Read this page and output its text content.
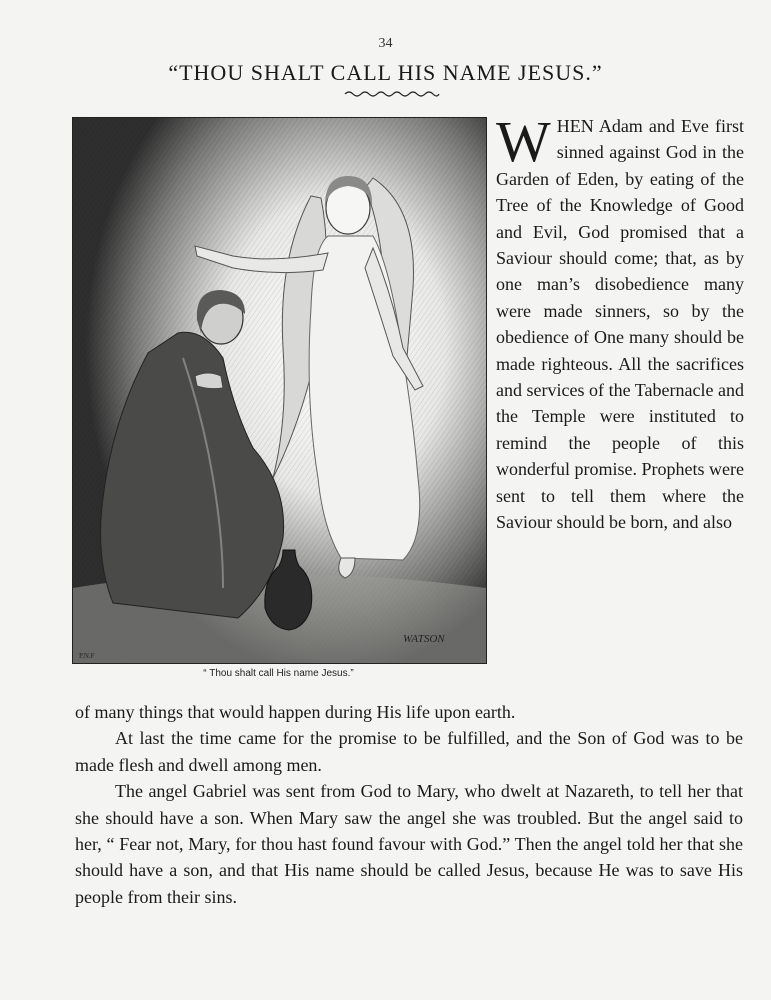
34
“THOU SHALT CALL HIS NAME JESUS.”
WATSON
P.N.F
“ Thou shalt call His name Jesus.”

WHEN Adam and Eve first sinned against God in the Garden of Eden, by eating of the Tree of the Knowledge of Good and Evil, God promised that a Saviour should come; that, as by one man’s disobedience many were made sinners, so by the obedience of One many should be made righteous. All the sacrifices and services of the Tabernacle and the Temple were instituted to remind the people of this wonderful promise. Prophets were sent to tell them where the Saviour should be born, and also

of many things that would happen during His life upon earth.

At last the time came for the promise to be fulfilled, and the Son of God was to be made flesh and dwell among men.

The angel Gabriel was sent from God to Mary, who dwelt at Nazareth, to tell her that she should have a son. When Mary saw the angel she was troubled. But the angel said to her, “ Fear not, Mary, for thou hast found favour with God.” Then the angel told her that she should have a son, and that His name should be called Jesus, because He was to save His people from their sins.
